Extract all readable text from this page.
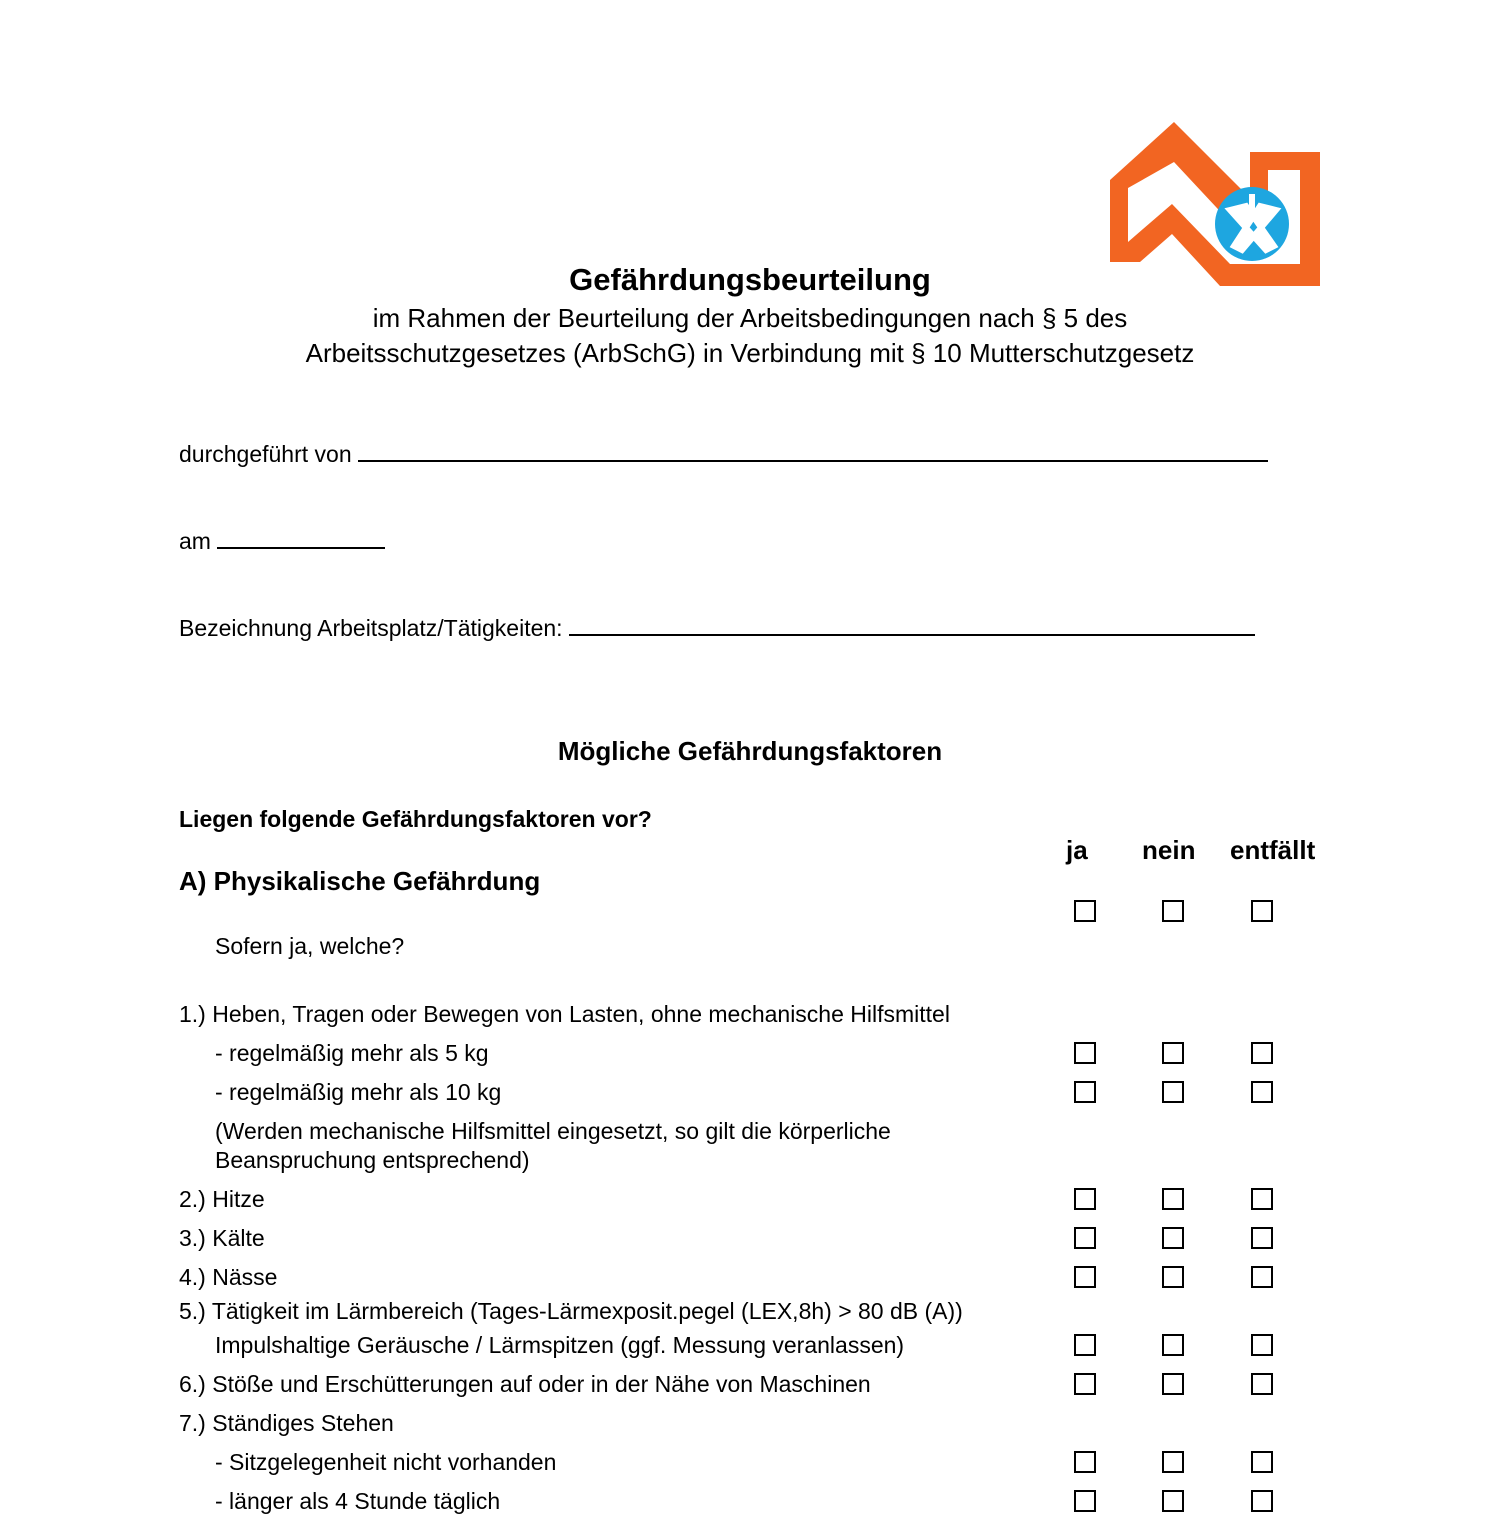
Gefährdungsbeurteilung
im Rahmen der Beurteilung der Arbeitsbedingungen nach § 5 des
Arbeitsschutzgesetzes (ArbSchG) in Verbindung mit § 10 Mutterschutzgesetz
durchgeführt von
am
Bezeichnung Arbeitsplatz/Tätigkeiten:
Mögliche Gefährdungsfaktoren
Liegen folgende Gefährdungsfaktoren vor?
ja nein entfällt
A) Physikalische Gefährdung
Sofern ja, welche?
1.) Heben, Tragen oder Bewegen von Lasten, ohne mechanische Hilfsmittel
- regelmäßig mehr als 5 kg
- regelmäßig mehr als 10 kg
(Werden mechanische Hilfsmittel eingesetzt, so gilt die körperliche
Beanspruchung entsprechend)
2.) Hitze
3.) Kälte
4.) Nässe
5.) Tätigkeit im Lärmbereich (Tages-Lärmexposit.pegel (LEX,8h) > 80 dB (A))
Impulshaltige Geräusche / Lärmspitzen (ggf. Messung veranlassen)
6.) Stöße und Erschütterungen auf oder in der Nähe von Maschinen
7.) Ständiges Stehen
- Sitzgelegenheit nicht vorhanden
- länger als 4 Stunde täglich
